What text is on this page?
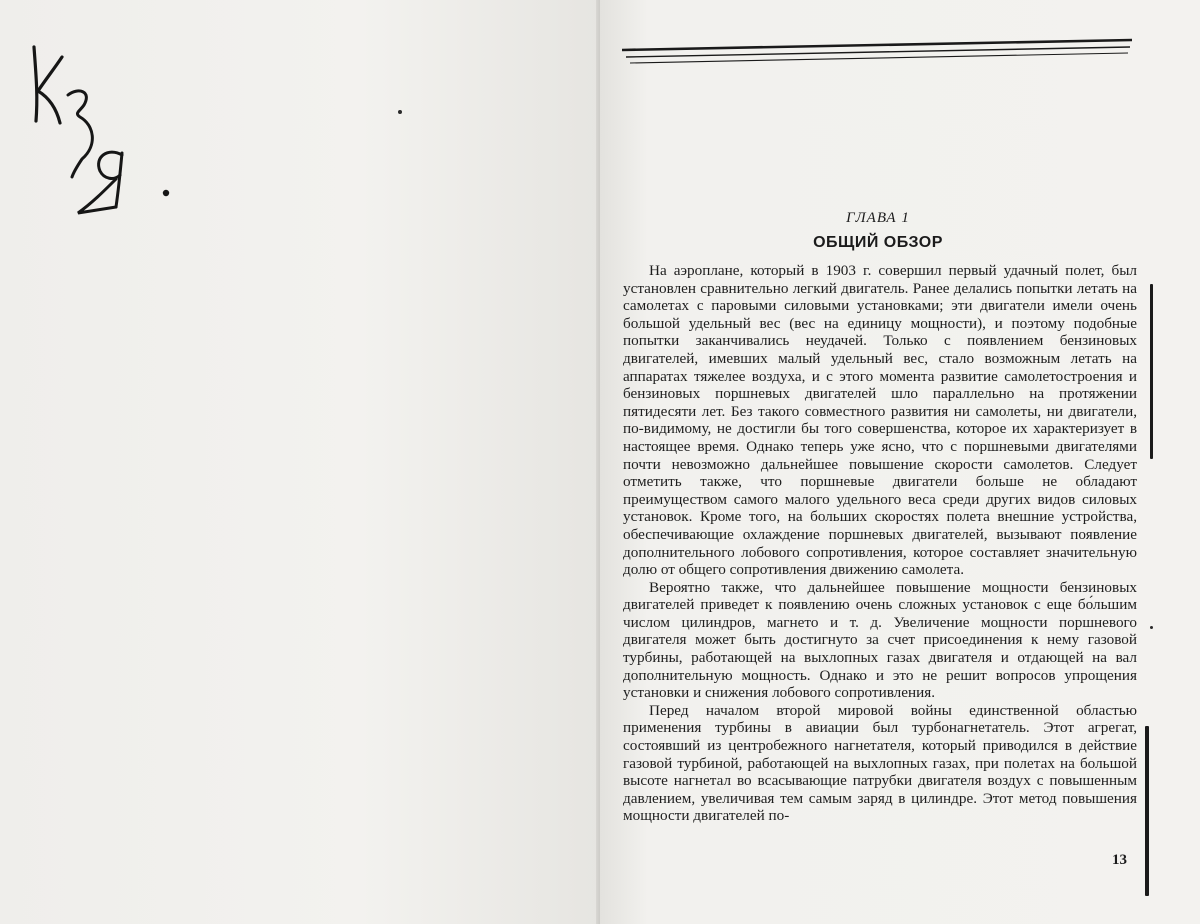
ГЛАВА 1
ОБЩИЙ ОБЗОР

На аэроплане, который в 1903 г. совершил первый удачный полет, был установлен сравнительно легкий двигатель. Ранее делались попытки летать на самолетах с паровыми силовыми установками; эти двигатели имели очень большой удельный вес (вес на единицу мощности), и поэтому подобные попытки заканчивались неудачей. Только с появлением бензиновых двигателей, имевших малый удельный вес, стало возможным летать на аппаратах тяжелее воздуха, и с этого момента развитие самолетостроения и бензиновых поршневых двигателей шло параллельно на протяжении пятидесяти лет. Без такого совместного развития ни самолеты, ни двигатели, по-видимому, не достигли бы того совершенства, которое их характеризует в настоящее время. Однако теперь уже ясно, что с поршневыми двигателями почти невозможно дальнейшее повышение скорости самолетов. Следует отметить также, что поршневые двигатели больше не обладают преимуществом самого малого удельного веса среди других видов силовых установок. Кроме того, на больших скоростях полета внешние устройства, обеспечивающие охлаждение поршневых двигателей, вызывают появление дополнительного лобового сопротивления, которое составляет значительную долю от общего сопротивления движению самолета.

Вероятно также, что дальнейшее повышение мощности бензиновых двигателей приведет к появлению очень сложных установок с еще бо́льшим числом цилиндров, магнето и т. д. Увеличение мощности поршневого двигателя может быть достигнуто за счет присоединения к нему газовой турбины, работающей на выхлопных газах двигателя и отдающей на вал дополнительную мощность. Однако и это не решит вопросов упрощения установки и снижения лобового сопротивления.

Перед началом второй мировой войны единственной областью применения турбины в авиации был турбонагнетатель. Этот агрегат, состоявший из центробежного нагнетателя, который приводился в действие газовой турбиной, работающей на выхлопных газах, при полетах на большой высоте нагнетал во всасывающие патрубки двигателя воздух с повышенным давлением, увеличивая тем самым заряд в цилиндре. Этот метод повышения мощности двигателей по-

13
